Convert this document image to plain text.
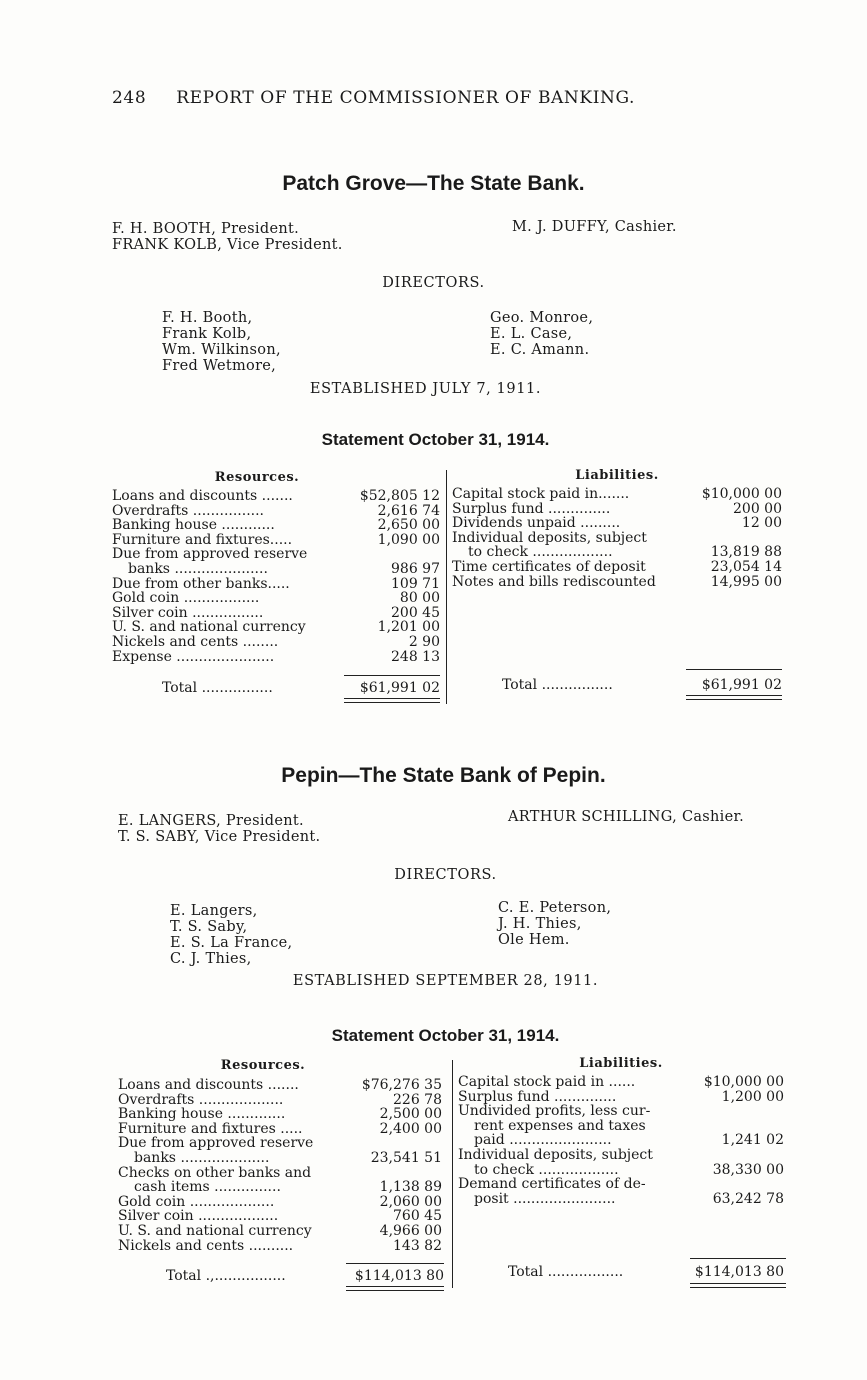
248 REPORT OF THE COMMISSIONER OF BANKING.
Patch Grove—The State Bank.
F. H. BOOTH, President.
FRANK KOLB, Vice President.
M. J. DUFFY, Cashier.
DIRECTORS.
F. H. Booth,
Frank Kolb,
Wm. Wilkinson,
Fred Wetmore,
Geo. Monroe,
E. L. Case,
E. C. Amann.
ESTABLISHED JULY 7, 1911.
Statement October 31, 1914.
Resources.	Liabilities.
Loans and discounts .......	$52,805 12
Overdrafts ................	2,616 74
Banking house ............	2,650 00
Furniture and fixtures.....	1,090 00
Due from approved reserve
banks .....................	986 97
Due from other banks.....	109 71
Gold coin .................	80 00
Silver coin ................	200 45
U. S. and national currency	1,201 00
Nickels and cents ........	2 90
Expense ......................	248 13
Capital stock paid in.......	$10,000 00
Surplus fund ..............	200 00
Dividends unpaid .........	12 00
Individual deposits, subject
to check ..................	13,819 88
Time certificates of deposit	23,054 14
Notes and bills rediscounted	14,995 00
Total ................	$61,991 02	Total ................	$61,991 02
Pepin—The State Bank of Pepin.
E. LANGERS, President.
T. S. SABY, Vice President.
ARTHUR SCHILLING, Cashier.
DIRECTORS.
E. Langers,
T. S. Saby,
E. S. La France,
C. J. Thies,
C. E. Peterson,
J. H. Thies,
Ole Hem.
ESTABLISHED SEPTEMBER 28, 1911.
Statement October 31, 1914.
Resources.	Liabilities.
Loans and discounts .......	$76,276 35
Overdrafts ...................	226 78
Banking house .............	2,500 00
Furniture and fixtures .....	2,400 00
Due from approved reserve
banks ....................	23,541 51
Checks on other banks and
cash items ...............	1,138 89
Gold coin ...................	2,060 00
Silver coin ..................	760 45
U. S. and national currency	4,966 00
Nickels and cents ..........	143 82
Capital stock paid in ......	$10,000 00
Surplus fund ..............	1,200 00
Undivided profits, less cur-
rent expenses and taxes
paid .......................	1,241 02
Individual deposits, subject
to check ..................	38,330 00
Demand certificates of de-
posit .......................	63,242 78
Total .,................	$114,013 80	Total .................	$114,013 80
